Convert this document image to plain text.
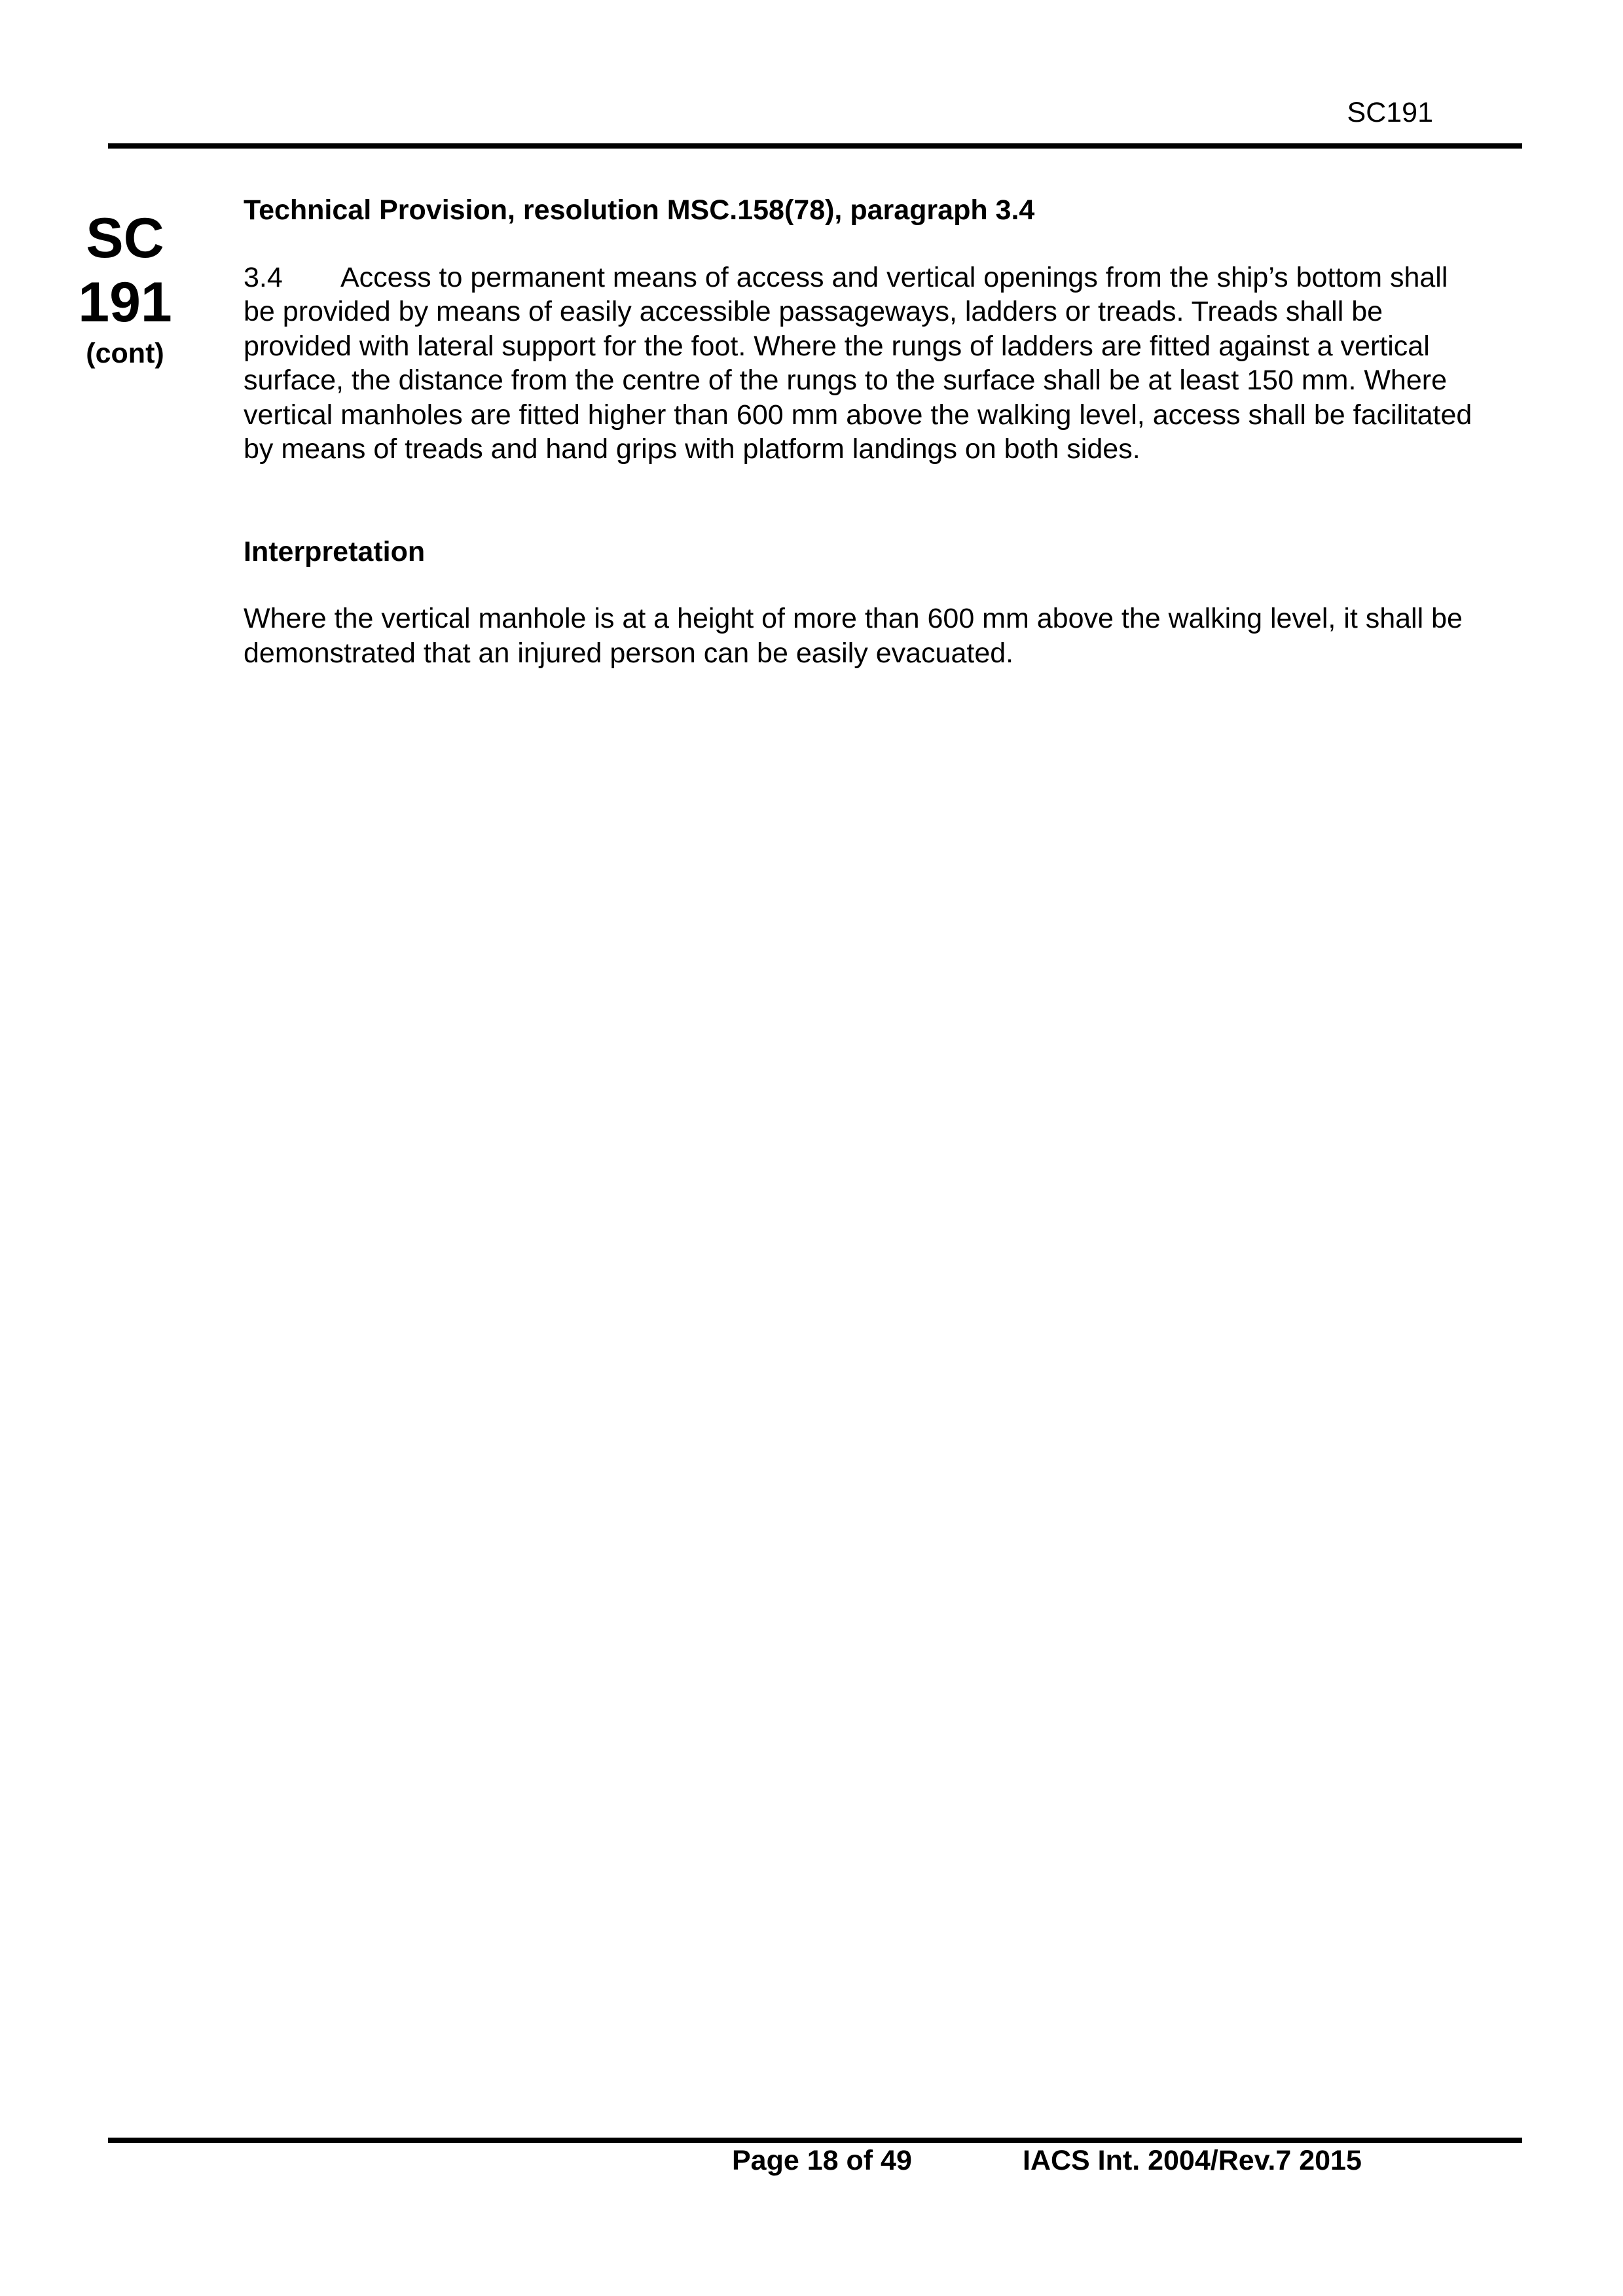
SC191
SC
191
(cont)

Technical Provision, resolution MSC.158(78), paragraph 3.4

3.4 Access to permanent means of access and vertical openings from the ship’s bottom shall be provided by means of easily accessible passageways, ladders or treads. Treads shall be provided with lateral support for the foot. Where the rungs of ladders are fitted against a vertical surface, the distance from the centre of the rungs to the surface shall be at least 150 mm. Where vertical manholes are fitted higher than 600 mm above the walking level, access shall be facilitated by means of treads and hand grips with platform landings on both sides.

Interpretation

Where the vertical manhole is at a height of more than 600 mm above the walking level, it shall be demonstrated that an injured person can be easily evacuated.

Page 18 of 49	IACS Int. 2004/Rev.7 2015
